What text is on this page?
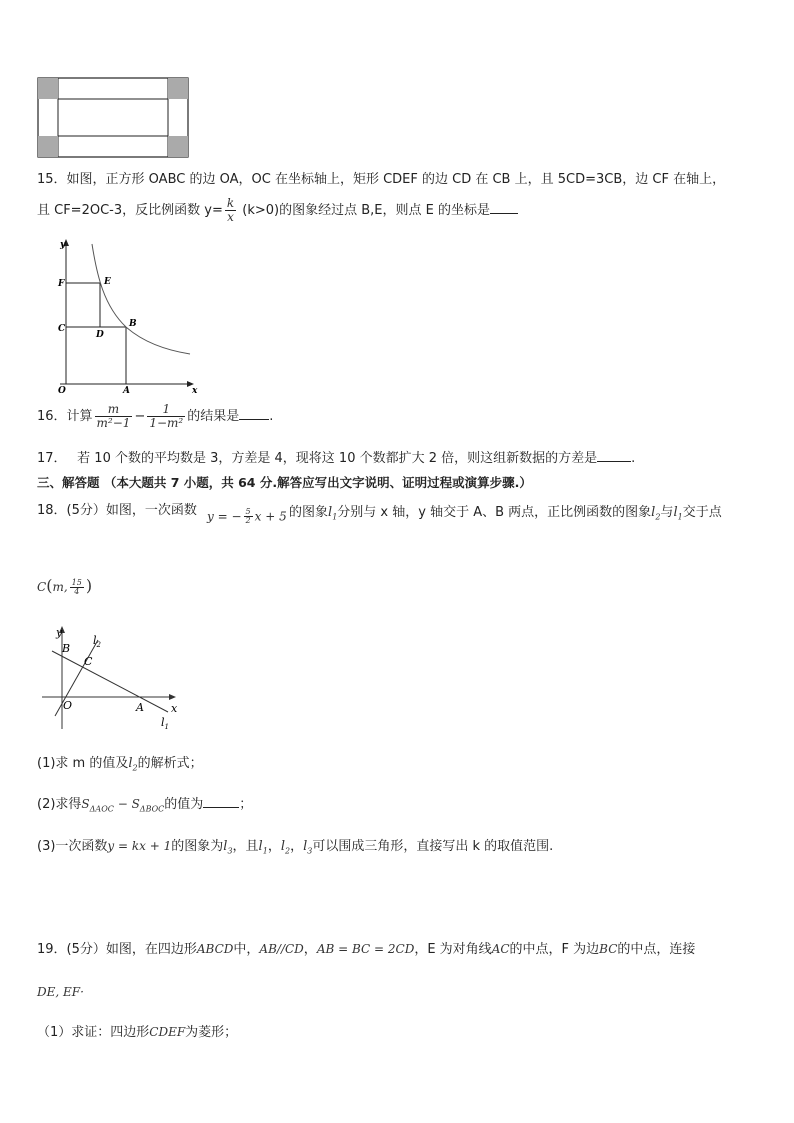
15．如图，正方形 OABC 的边 OA，OC 在坐标轴上，矩形 CDEF 的边 CD 在 CB 上，且 5CD=3CB，边 CF 在轴上，
且 CF=2OC-3，反比例函数 $y= \frac{k}{x} (k>0)$的图象经过点 B,E，则点 E 的坐标是
y
x
F	E
C
D
B
O	A
16．计算 $\frac{m}{\text{m²−1}} - \frac{1}{\text{1−m²}}$ 的结果是 .
17．　 若 10 个数的平均数是 3，方差是 4，现将这 10 个数都扩大 2 倍，则这组新数据的方差是	.
三、解答题 （本大题共 7 小题，共 64 分.解答应写出文字说明、证明过程或演算步骤.）
18．(5分）如图，一次函数 y = − $\frac{5}{2}$ x + 5 的图象$l_1$分别与 x 轴，y 轴交于 A、B 两点，正比例函数的图象$l_2$与$l_1$交于点
C(m, $\frac{15}{4}$ )
y
$l_2$
B
C
O	A x
$l_1$
(1)求 m 的值及$l_2$的解析式；
(2)求得$S_{\Delta AOC} - S_{\Delta BOC}$的值为	；
(3)一次函数y = kx + 1的图象为$l_3$，且$l_1$，$l_2$，$l_3$可以围成三角形，直接写出 k 的取值范围.
19．(5分）如图，在四边形ABCD中，AB//CD，AB = BC = 2CD，E 为对角线AC的中点，F 为边BC的中点，连接
DE, EF·
（1）求证：四边形CDEF为菱形；
